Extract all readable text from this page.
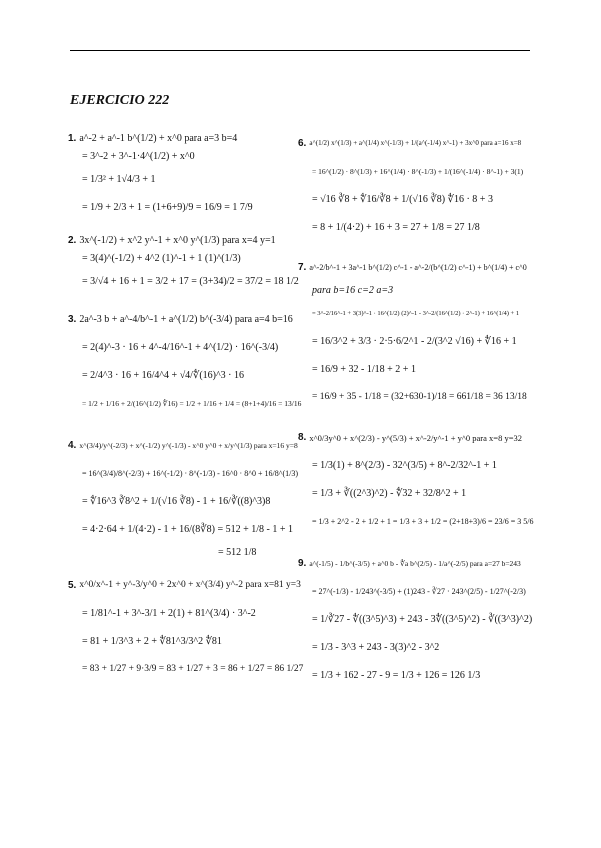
EJERCICIO 222
1. a^-2 + a^-1 b^(1/2) + x^0 para a=3 b=4
= 3^-2 + 3^-1·4^(1/2) + x^0
= 1/3² + 1√4/3 + 1
= 1/9 + 2/3 + 1 = (1+6+9)/9 = 16/9 = 1 7/9
2. 3x^(-1/2) + x^2 y^-1 + x^0 y^(1/3) para x=4 y=1
= 3(4)^(-1/2) + 4^2 (1)^-1 + 1 (1)^(1/3)
= 3/√4 + 16 + 1 = 3/2 + 17 = (3+34)/2 = 37/2 = 18 1/2
3. 2a^-3 b + a^-4/b^-1 + a^(1/2) b^(-3/4) para a=4 b=16
= 2(4)^-3 · 16 + 4^-4/16^-1 + 4^(1/2) · 16^(-3/4)
= 2/4^3 · 16 + 16/4^4 + √4/∜(16)^3 · 16
= 1/2 + 1/16 + 2/(16^(1/2) ∜16) = 1/2 + 1/16 + 1/4 = (8+1+4)/16 = 13/16
4. x^(3/4)/y^(-2/3) + x^(-1/2) y^(-1/3) - x^0 y^0 + x/y^(1/3) para x=16 y=8
= 16^(3/4)/8^(-2/3) + 16^(-1/2) · 8^(-1/3) - 16^0 · 8^0 + 16/8^(1/3)
= ∜16^3 ∛8^2 + 1/(√16 ∛8) - 1 + 16/∛((8)^3)8
= 4·2·64 + 1/(4·2) - 1 + 16/(8∛8) = 512 + 1/8 - 1 + 1
= 512 1/8
5. x^0/x^-1 + y^-3/y^0 + 2x^0 + x^(3/4) y^-2 para x=81 y=3
= 1/81^-1 + 3^-3/1 + 2(1) + 81^(3/4) · 3^-2
= 81 + 1/3^3 + 2 + ∜81^3/3^2 ∜81
= 83 + 1/27 + 9·3/9 = 83 + 1/27 + 3 = 86 + 1/27 = 86 1/27
6. a^(1/2) x^(1/3) + a^(1/4) x^(-1/3) + 1/(a^(-1/4) x^-1) + 3x^0 para a=16 x=8
= 16^(1/2) · 8^(1/3) + 16^(1/4) · 8^(-1/3) + 1/(16^(-1/4) · 8^-1) + 3(1)
= √16 ∛8 + ∜16/∛8 + 1/(√16 ∛8) ∜16 · 8 + 3
= 8 + 1/(4·2) + 16 + 3 = 27 + 1/8 = 27 1/8
7. a^-2/b^-1 + 3a^-1 b^(1/2) c^-1 - a^-2/(b^(1/2) c^-1) + b^(1/4) + c^0
para b=16 c=2 a=3
= 3^-2/16^-1 + 3(3)^-1 · 16^(1/2) (2)^-1 - 3^-2/(16^(1/2) · 2^-1) + 16^(1/4) + 1
= 16/3^2 + 3/3 · 2·5·6/2^1 - 2/(3^2 √16) + ∜16 + 1
= 16/9 + 32 - 1/18 + 2 + 1
= 16/9 + 35 - 1/18 = (32+630-1)/18 = 661/18 = 36 13/18
8. x^0/3y^0 + x^(2/3) - y^(5/3) + x^-2/y^-1 + y^0 para x=8 y=32
= 1/3(1) + 8^(2/3) - 32^(3/5) + 8^-2/32^-1 + 1
= 1/3 + ∛((2^3)^2) - ∜32 + 32/8^2 + 1
= 1/3 + 2^2 - 2 + 1/2 + 1 = 1/3 + 3 + 1/2 = (2+18+3)/6 = 23/6 = 3 5/6
9. a^(-1/5) - 1/b^(-3/5) + a^0 b - ∜a b^(2/5) - 1/a^(-2/5) para a=27 b=243
= 27^(-1/3) - 1/243^(-3/5) + (1)243 - ∛27 · 243^(2/5) - 1/27^(-2/3)
= 1/∛27 - ∜((3^5)^3) + 243 - 3∜((3^5)^2) - ∛((3^3)^2)
= 1/3 - 3^3 + 243 - 3(3)^2 - 3^2
= 1/3 + 162 - 27 - 9 = 1/3 + 126 = 126 1/3
